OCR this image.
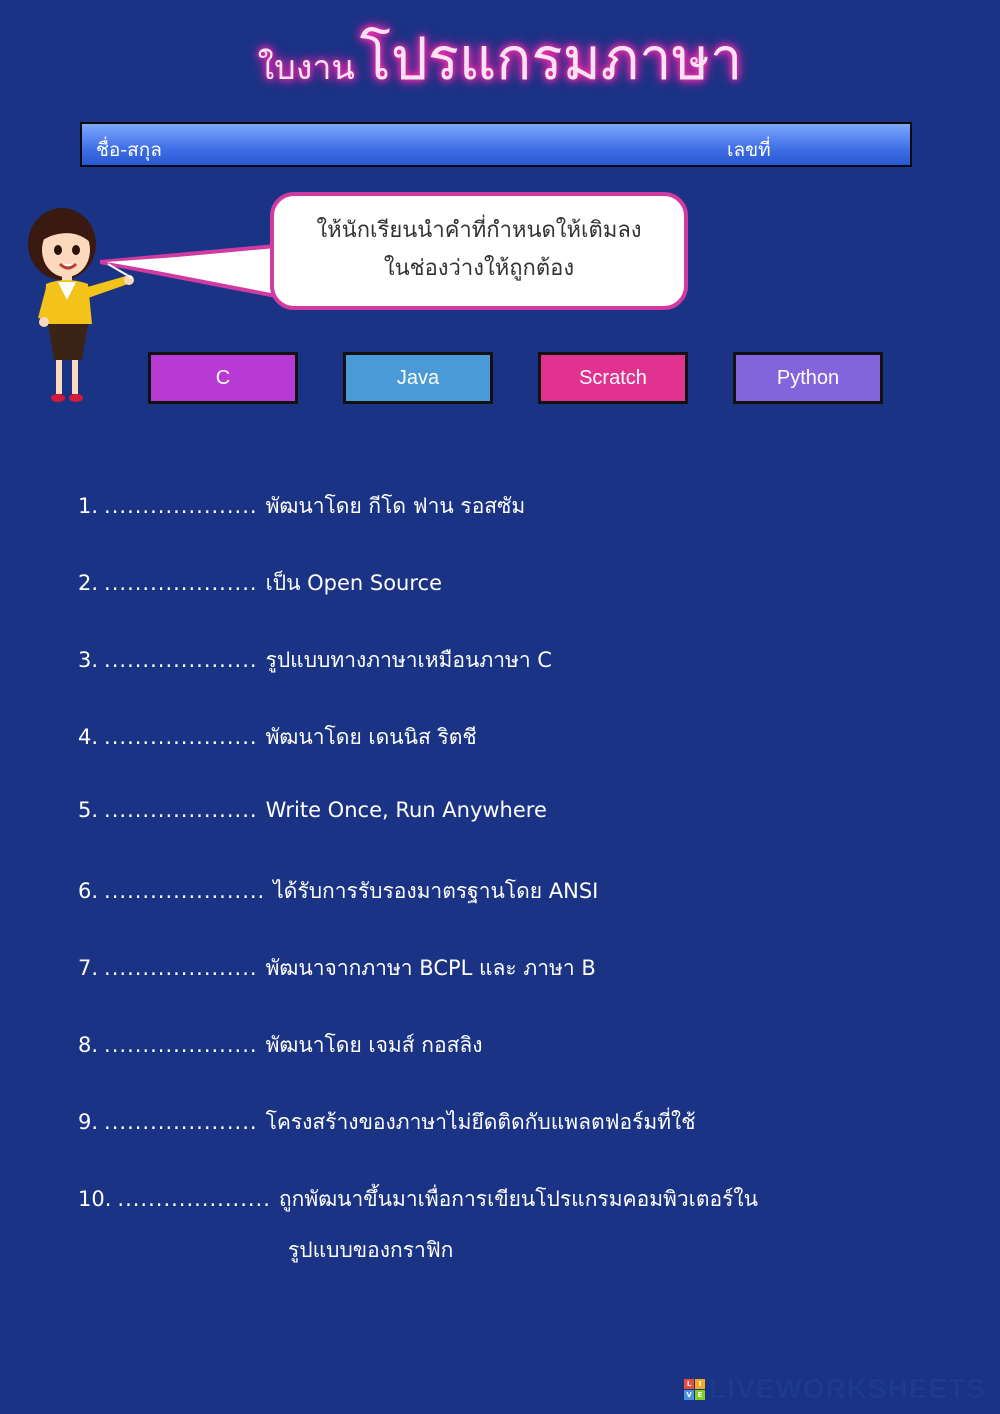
ใบงาน โปรแกรมภาษา
ชื่อ-สกุล	เลขที่
ให้นักเรียนนำคำที่กำหนดให้เติมลง
ในช่องว่างให้ถูกต้อง
C	Java	Scratch	Python
1. .................... พัฒนาโดย กีโด ฟาน รอสซัม
2. .................... เป็น Open Source
3. .................... รูปแบบทางภาษาเหมือนภาษา C
4. .................... พัฒนาโดย เดนนิส ริตชี
5. .................... Write Once, Run Anywhere
6. ..................... ได้รับการรับรองมาตรฐานโดย ANSI
7. .................... พัฒนาจากภาษา BCPL และ ภาษา B
8. .................... พัฒนาโดย เจมส์ กอสลิง
9. .................... โครงสร้างของภาษาไม่ยึดติดกับแพลตฟอร์มที่ใช้
10. .................... ถูกพัฒนาขึ้นมาเพื่อการเขียนโปรแกรมคอมพิวเตอร์ใน
รูปแบบของกราฟิก
L	I
V E LIVEWORKSHEETS
